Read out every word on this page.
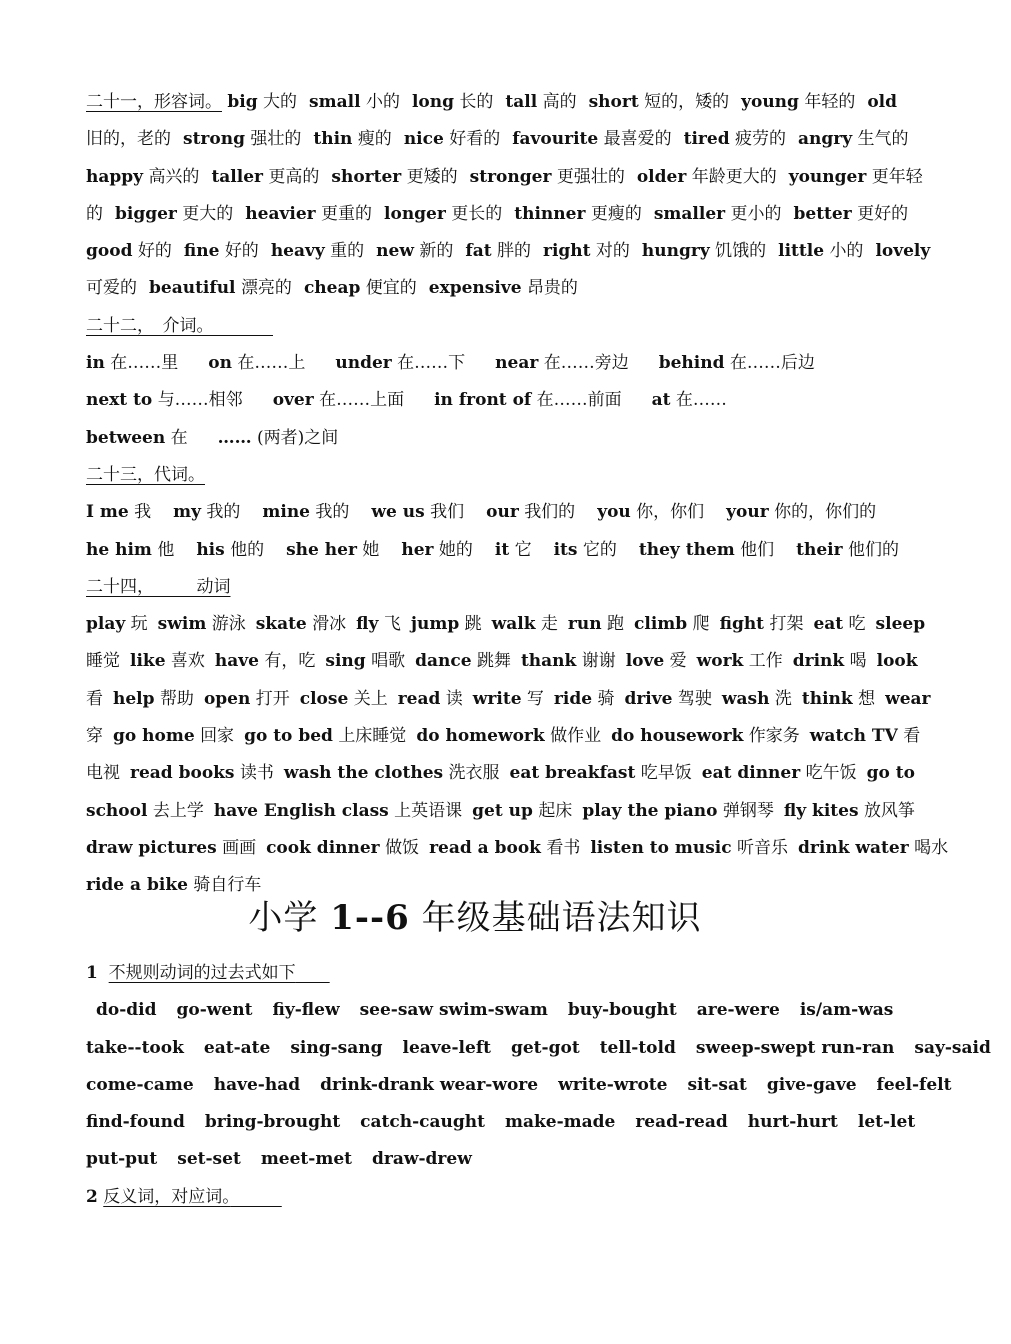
二十一，形容词。 big 大的 small 小的 long 长的 tall 高的 short 短的，矮的 young 年轻的 old
旧的，老的 strong 强壮的 thin 瘦的 nice 好看的 favourite 最喜爱的 tired 疲劳的 angry 生气的
happy 高兴的 taller 更高的 shorter 更矮的 stronger 更强壮的 older 年龄更大的 younger 更年轻
的 bigger 更大的 heavier 更重的 longer 更长的 thinner 更瘦的 smaller 更小的 better 更好的
good 好的 fine 好的 heavy 重的 new 新的 fat 胖的 right 对的 hungry 饥饿的 little 小的 lovely
可爱的 beautiful 漂亮的 cheap 便宜的 expensive 昂贵的
二十二，　介词。　　　　
in 在……里 on 在……上 under 在……下 near 在……旁边 behind 在……后边
next to 与……相邻 over 在……上面 in front of 在……前面 at 在……
between 在 …… (两者)之间
二十三，代词。
I me 我 my 我的 mine 我的 we us 我们 our 我们的 you 你，你们 your 你的，你们的
he him 他 his 他的 she her 她 her 她的 it 它 its 它的 they them 他们 their 他们的
二十四，　　　动词
play 玩 swim 游泳 skate 滑冰 fly 飞 jump 跳 walk 走 run 跑 climb 爬 fight 打架 eat 吃 sleep
睡觉 like 喜欢 have 有，吃 sing 唱歌 dance 跳舞 thank 谢谢 love 爱 work 工作 drink 喝 look
看 help 帮助 open 打开 close 关上 read 读 write 写 ride 骑 drive 驾驶 wash 洗 think 想 wear
穿 go home 回家 go to bed 上床睡觉 do homework 做作业 do housework 作家务 watch TV 看
电视 read books 读书 wash the clothes 洗衣服 eat breakfast 吃早饭 eat dinner 吃午饭 go to
school 去上学 have English class 上英语课 get up 起床 play the piano 弹钢琴 fly kites 放风筝
draw pictures 画画 cook dinner 做饭 read a book 看书 listen to music 听音乐 drink water 喝水
ride a bike 骑自行车
小学 1--6 年级基础语法知识
1 不规则动词的过去式如下　　
do-did go-went fiy-flew see-saw swim-swam buy-bought are-were is/am-was
take--took eat-ate sing-sang leave-left get-got tell-told sweep-swept run-ran say-said
come-came have-had drink-drank wear-wore write-wrote sit-sat give-gave feel-felt
find-found bring-brought catch-caught make-made read-read hurt-hurt let-let
put-put set-set meet-met draw-drew
2 反义词，对应词。　　　
